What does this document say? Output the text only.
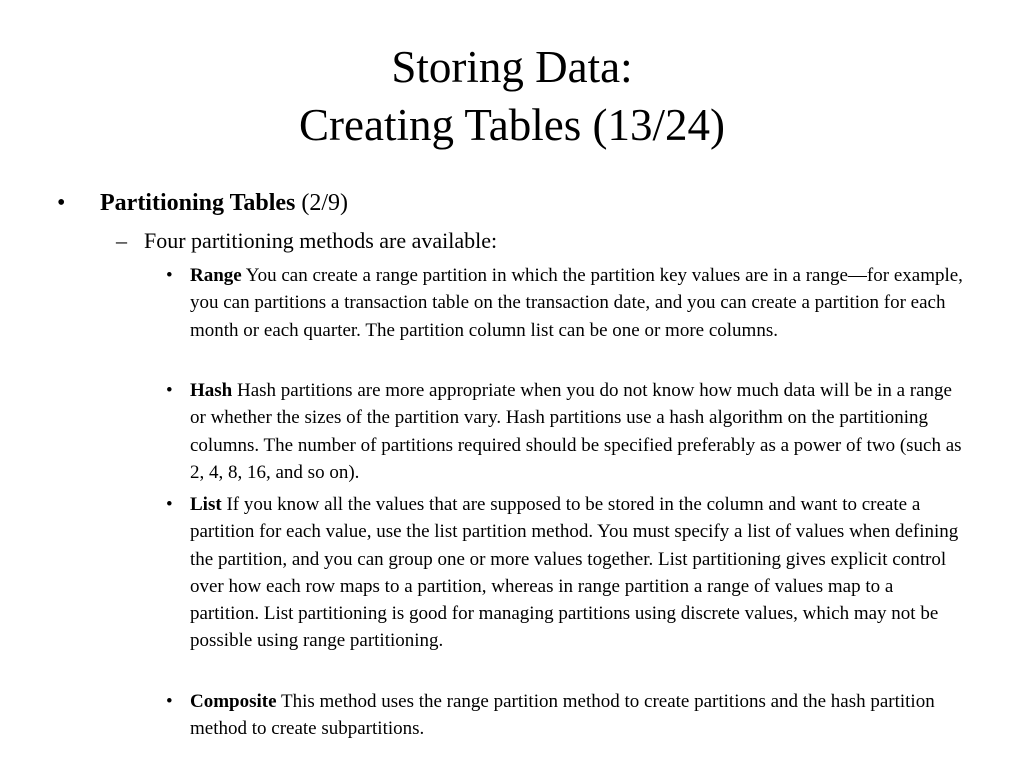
Storing Data:
Creating Tables (13/24)
•	Partitioning Tables (2/9)
– Four partitioning methods are available:
• Range You can create a range partition in which the partition key values are in a range—for example, you can partitions a transaction table on the transaction date, and you can create a partition for each month or each quarter. The partition column list can be one or more columns.
• Hash Hash partitions are more appropriate when you do not know how much data will be in a range or whether the sizes of the partition vary. Hash partitions use a hash algorithm on the partitioning columns. The number of partitions required should be specified preferably as a power of two (such as 2, 4, 8, 16, and so on).
• List If you know all the values that are supposed to be stored in the column and want to create a partition for each value, use the list partition method. You must specify a list of values when defining the partition, and you can group one or more values together. List partitioning gives explicit control over how each row maps to a partition, whereas in range partition a range of values map to a partition. List partitioning is good for managing partitions using discrete values, which may not be possible using range partitioning.
• Composite This method uses the range partition method to create partitions and the hash partition method to create subpartitions.
